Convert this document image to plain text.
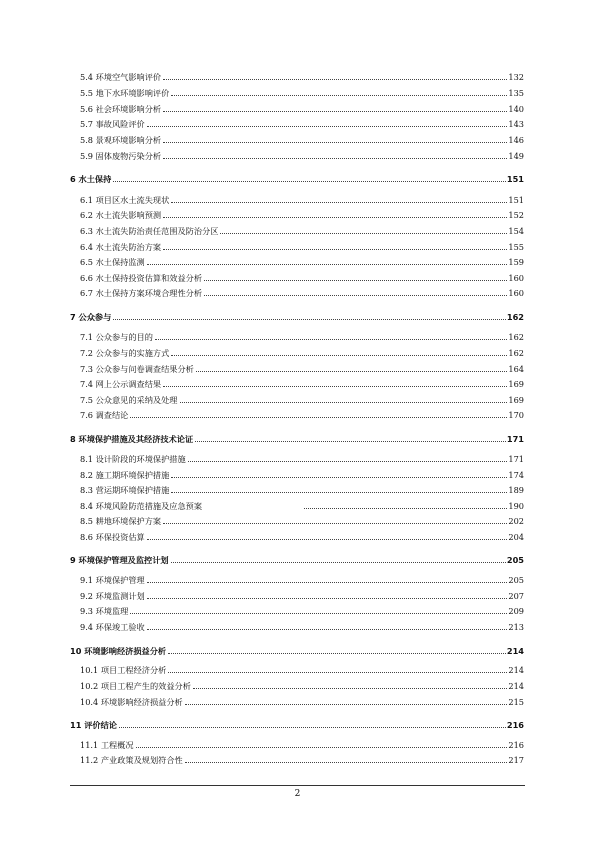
5.4 环境空气影响评价	132
5.5 地下水环境影响评价	135
5.6 社会环境影响分析	140
5.7 事故风险评价	143
5.8 景观环境影响分析	146
5.9 固体废物污染分析	149
6 水土保持	151
6.1 项目区水土流失现状	151
6.2 水土流失影响预测	152
6.3 水土流失防治责任范围及防治分区	154
6.4 水土流失防治方案	155
6.5 水土保持监测	159
6.6 水土保持投资估算和效益分析	160
6.7 水土保持方案环境合理性分析	160
7 公众参与	162
7.1 公众参与的目的	162
7.2 公众参与的实施方式	162
7.3 公众参与问卷调查结果分析	164
7.4 网上公示调查结果	169
7.5 公众意见的采纳及处理	169
7.6 调查结论	170
8 环境保护措施及其经济技术论证	171
8.1 设计阶段的环境保护措施	171
8.2 施工期环境保护措施	174
8.3 营运期环境保护措施	189
8.4 环境风险防范措施及应急预案	190
8.5 耕地环境保护方案	202
8.6 环保投资估算	204
9 环境保护管理及监控计划	205
9.1 环境保护管理	205
9.2 环境监测计划	207
9.3 环境监理	209
9.4 环保竣工验收	213
10 环境影响经济损益分析	214
10.1 项目工程经济分析	214
10.2 项目工程产生的效益分析	214
10.4 环境影响经济损益分析	215
11 评价结论	216
11.1 工程概况	216
11.2 产业政策及规划符合性	217
2
